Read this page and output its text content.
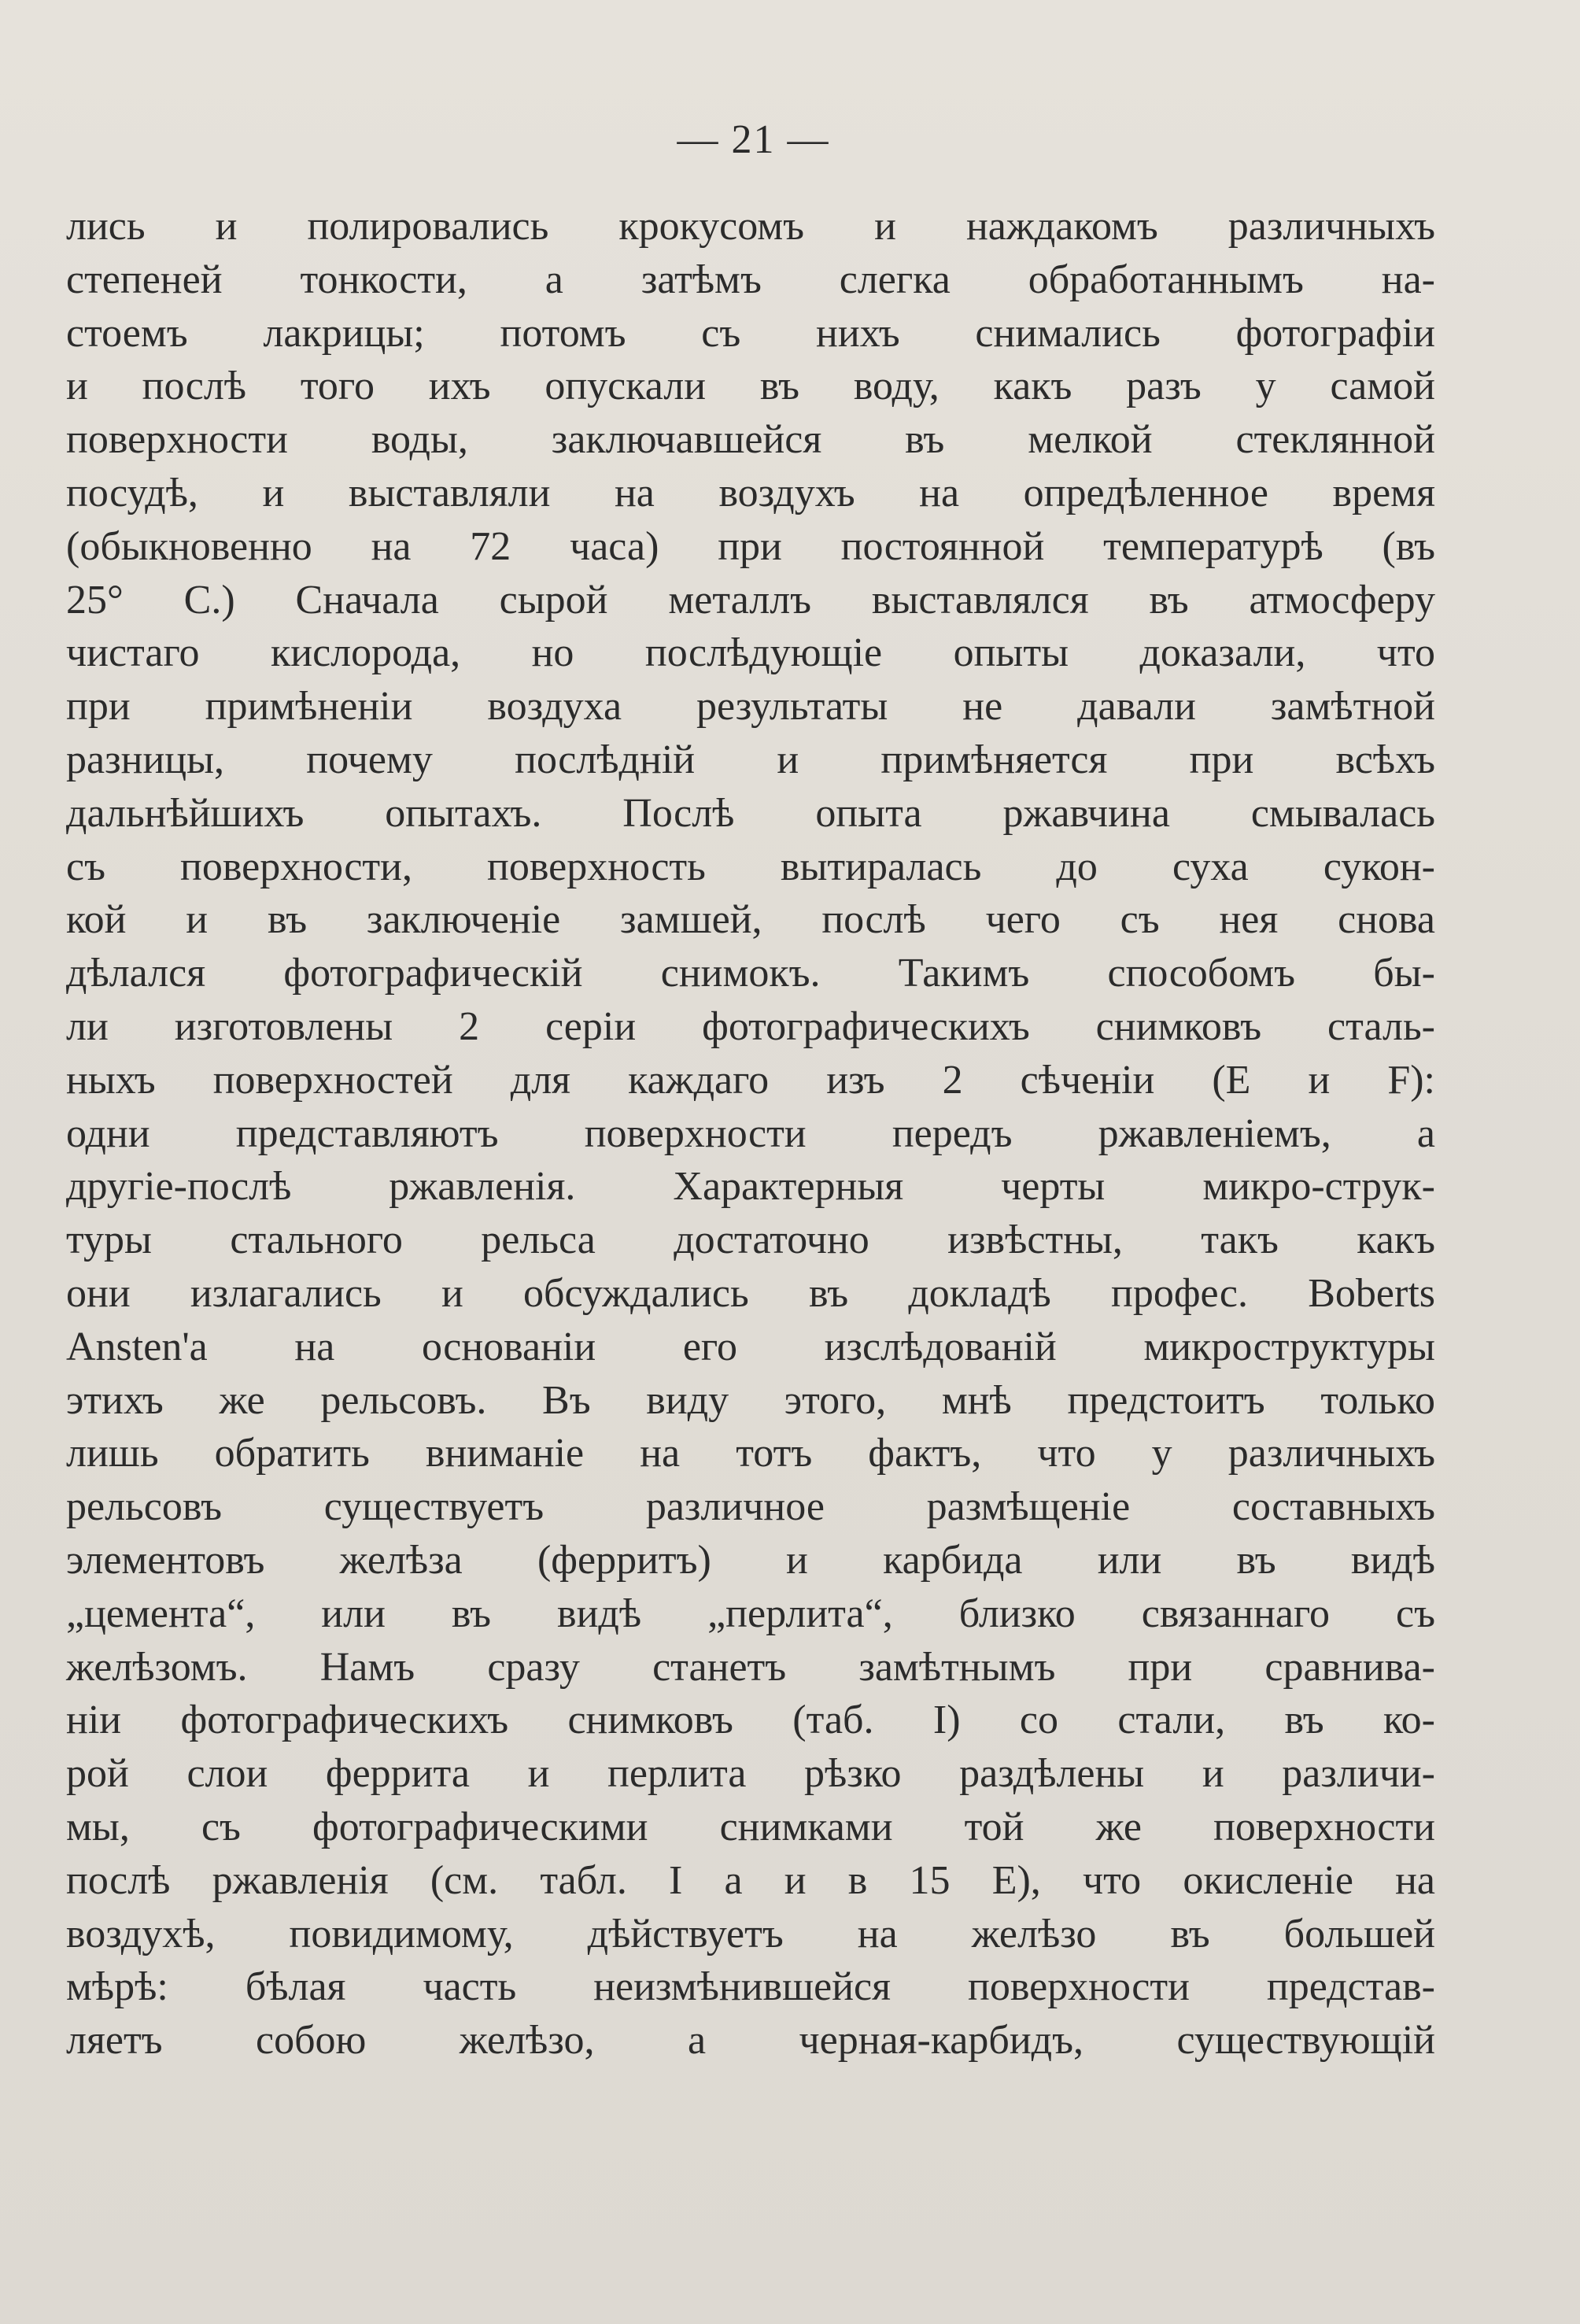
— 21 —
лись и полировались крокусомъ и наждакомъ различныхъ
степеней тонкости, а затѣмъ слегка обработаннымъ на-
стоемъ лакрицы; потомъ съ нихъ снимались фотографіи
и послѣ того ихъ опускали въ воду, какъ разъ у самой
поверхности воды, заключавшейся въ мелкой стеклянной
посудѣ, и выставляли на воздухъ на опредѣленное время
(обыкновенно на 72 часа) при постоянной температурѣ (въ
25° C.) Сначала сырой металлъ выставлялся въ атмосферу
чистаго кислорода, но послѣдующіе опыты доказали, что
при примѣненіи воздуха результаты не давали замѣтной
разницы, почему послѣдній и примѣняется при всѣхъ
дальнѣйшихъ опытахъ. Послѣ опыта ржавчина смывалась
съ поверхности, поверхность вытиралась до суха сукон-
кой и въ заключеніе замшей, послѣ чего съ нея снова
дѣлался фотографическій снимокъ. Такимъ способомъ бы-
ли изготовлены 2 серіи фотографическихъ снимковъ сталь-
ныхъ поверхностей для каждаго изъ 2 сѣченіи (E и F):
одни представляютъ поверхности передъ ржавленіемъ, а
другіе-послѣ ржавленія. Характерныя черты микро-струк-
туры стального рельса достаточно извѣстны, такъ какъ
они излагались и обсуждались въ докладѣ профес. Boberts
Ansten'a на основаніи его изслѣдованій микроструктуры
этихъ же рельсовъ. Въ виду этого, мнѣ предстоитъ только
лишь обратить вниманіе на тотъ фактъ, что у различныхъ
рельсовъ существуетъ различное размѣщеніе составныхъ
элементовъ желѣза (ферритъ) и карбида или въ видѣ
„цемента“, или въ видѣ „перлита“, близко связаннаго съ
желѣзомъ. Намъ сразу станетъ замѣтнымъ при сравнива-
ніи фотографическихъ снимковъ (таб. I) со стали, въ ко-
рой слои феррита и перлита рѣзко раздѣлены и различи-
мы, съ фотографическими снимками той же поверхности
послѣ ржавленія (см. табл. I а и в 15 E), что окисленіе на
воздухѣ, повидимому, дѣйствуетъ на желѣзо въ большей
мѣрѣ: бѣлая часть неизмѣнившейся поверхности представ-
ляетъ собою желѣзо, а черная-карбидъ, существующій
